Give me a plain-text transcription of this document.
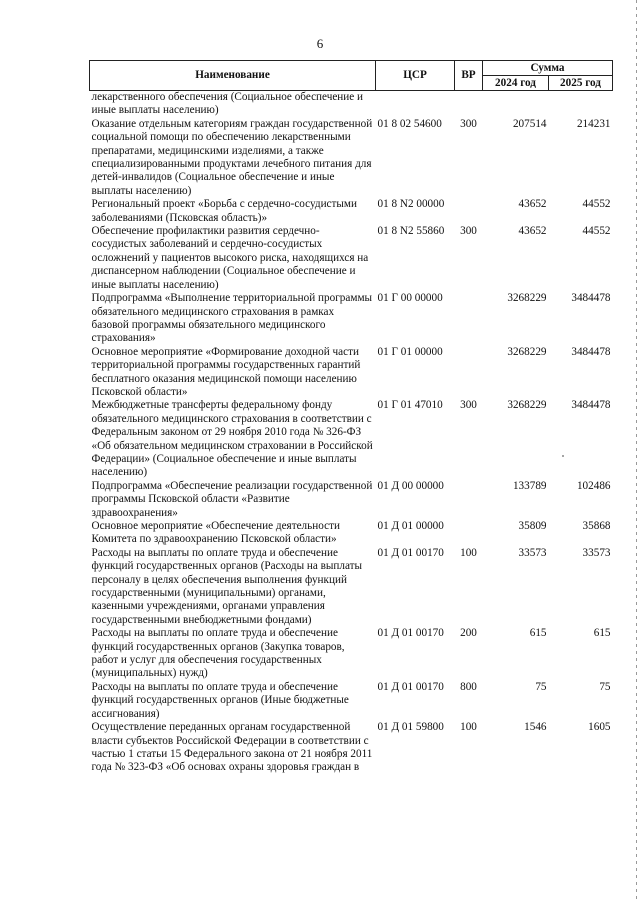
6
Наименование	ЦСР	ВР	Сумма	
			2024 год	2025 год
лекарственного обеспечения (Социальное обеспечение и иные выплаты населению)				
Оказание отдельным категориям граждан государственной социальной помощи по обеспечению лекарственными препаратами, медицинскими изделиями, а также специализированными продуктами лечебного питания для детей-инвалидов (Социальное обеспечение и иные выплаты населению)	01 8 02 54600	300	207514	214231
Региональный проект «Борьба с сердечно-сосудистыми заболеваниями (Псковская область)»	01 8 N2 00000		43652	44552
Обеспечение профилактики развития сердечно-сосудистых заболеваний и сердечно-сосудистых осложнений у пациентов высокого риска, находящихся на диспансерном наблюдении (Социальное обеспечение и иные выплаты населению)	01 8 N2 55860	300	43652	44552
Подпрограмма «Выполнение территориальной программы обязательного медицинского страхования в рамках базовой программы обязательного медицинского страхования»	01 Г 00 00000		3268229	3484478
Основное мероприятие «Формирование доходной части территориальной программы государственных гарантий бесплатного оказания медицинской помощи населению Псковской области»	01 Г 01 00000		3268229	3484478
Межбюджетные трансферты федеральному фонду обязательного медицинского страхования в соответствии с Федеральным законом от 29 ноября 2010 года № 326-ФЗ «Об обязательном медицинском страховании в Российской Федерации» (Социальное обеспечение и иные выплаты населению)	01 Г 01 47010	300	3268229	3484478
Подпрограмма «Обеспечение реализации государственной программы Псковской области «Развитие здравоохранения»	01 Д 00 00000		133789	102486
Основное мероприятие «Обеспечение деятельности Комитета по здравоохранению Псковской области»	01 Д 01 00000		35809	35868
Расходы на выплаты по оплате труда и обеспечение функций государственных органов (Расходы на выплаты персоналу в целях обеспечения выполнения функций государственными (муниципальными) органами, казенными учреждениями, органами управления государственными внебюджетными фондами)	01 Д 01 00170	100	33573	33573
Расходы на выплаты по оплате труда и обеспечение функций государственных органов (Закупка товаров, работ и услуг для обеспечения государственных (муниципальных) нужд)	01 Д 01 00170	200	615	615
Расходы на выплаты по оплате труда и обеспечение функций государственных органов (Иные бюджетные ассигнования)	01 Д 01 00170	800	75	75
Осуществление переданных органам государственной власти субъектов Российской Федерации в соответствии с частью 1 статьи 15 Федерального закона от 21 ноября 2011 года № 323-ФЗ «Об основах охраны здоровья граждан в	01 Д 01 59800	100	1546	1605
